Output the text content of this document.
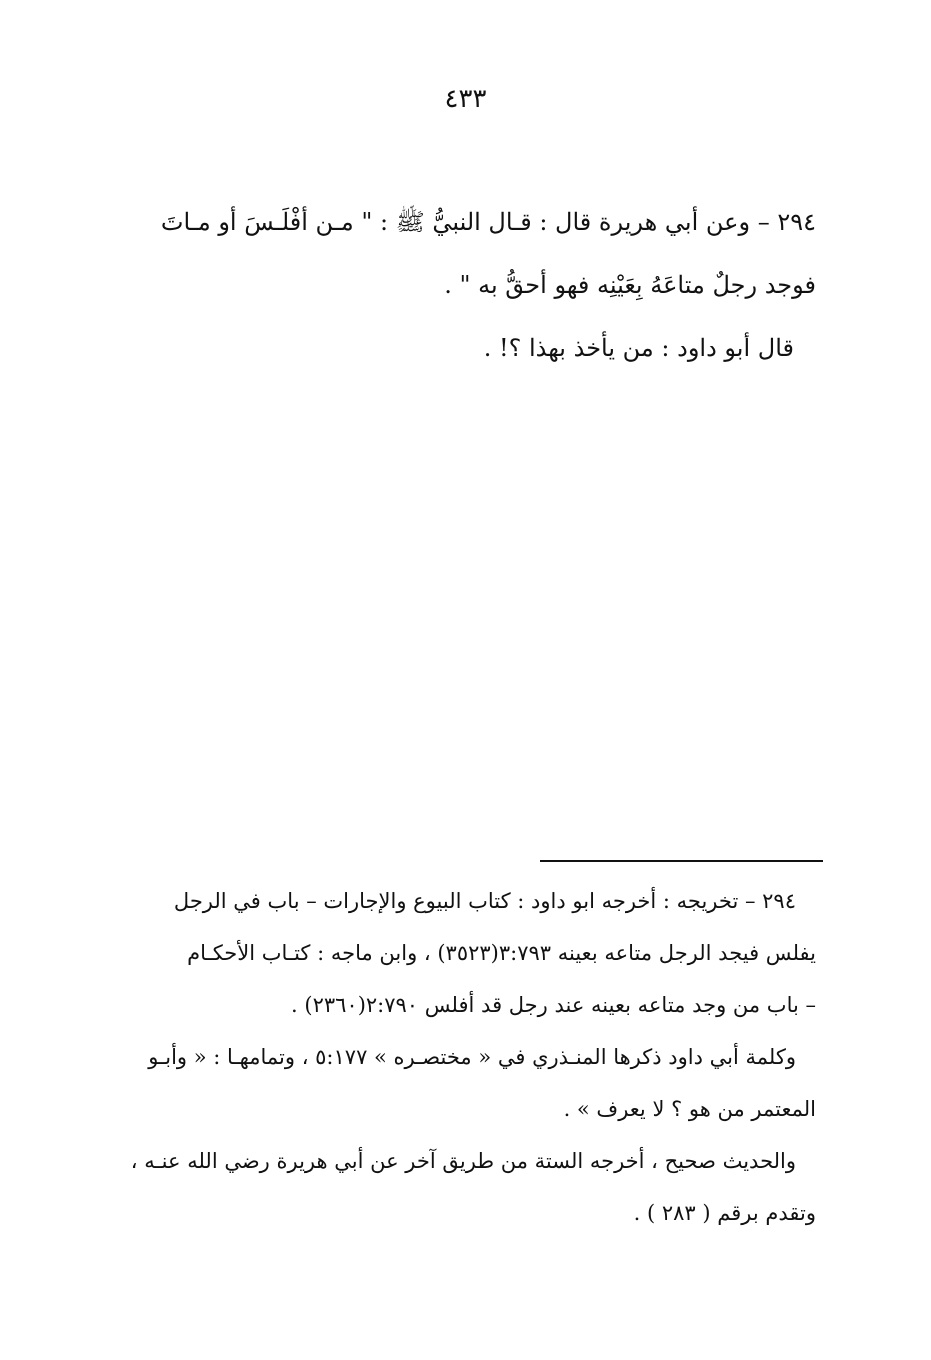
٤٣٣
٢٩٤ – وعن أبي هريرة قال : قـال النبيُّ ﷺ : " مـن أفْلَـسَ أو مـاتَ
فوجد رجلٌ متاعَهُ بِعَيْنِه فهو أحقُّ به " .
قال أبو داود : من يأخذ بهذا ؟! .
٢٩٤ – تخريجه : أخرجه ابو داود : كتاب البيوع والإجارات – باب في الرجل
يفلس فيجد الرجل متاعه بعينه ٣:٧٩٣(٣٥٢٣) ، وابن ماجه : كتـاب الأحكـام
– باب من وجد متاعه بعينه عند رجل قد أفلس ٢:٧٩٠(٢٣٦٠) .
وكلمة أبي داود ذكرها المنـذري في « مختصـره » ٥:١٧٧ ، وتمامهـا : « وأبـو
المعتمر من هو ؟ لا يعرف » .
والحديث صحيح ، أخرجه الستة من طريق آخر عن أبي هريرة رضي الله عنـه ،
وتقدم برقم ( ٢٨٣ ) .
